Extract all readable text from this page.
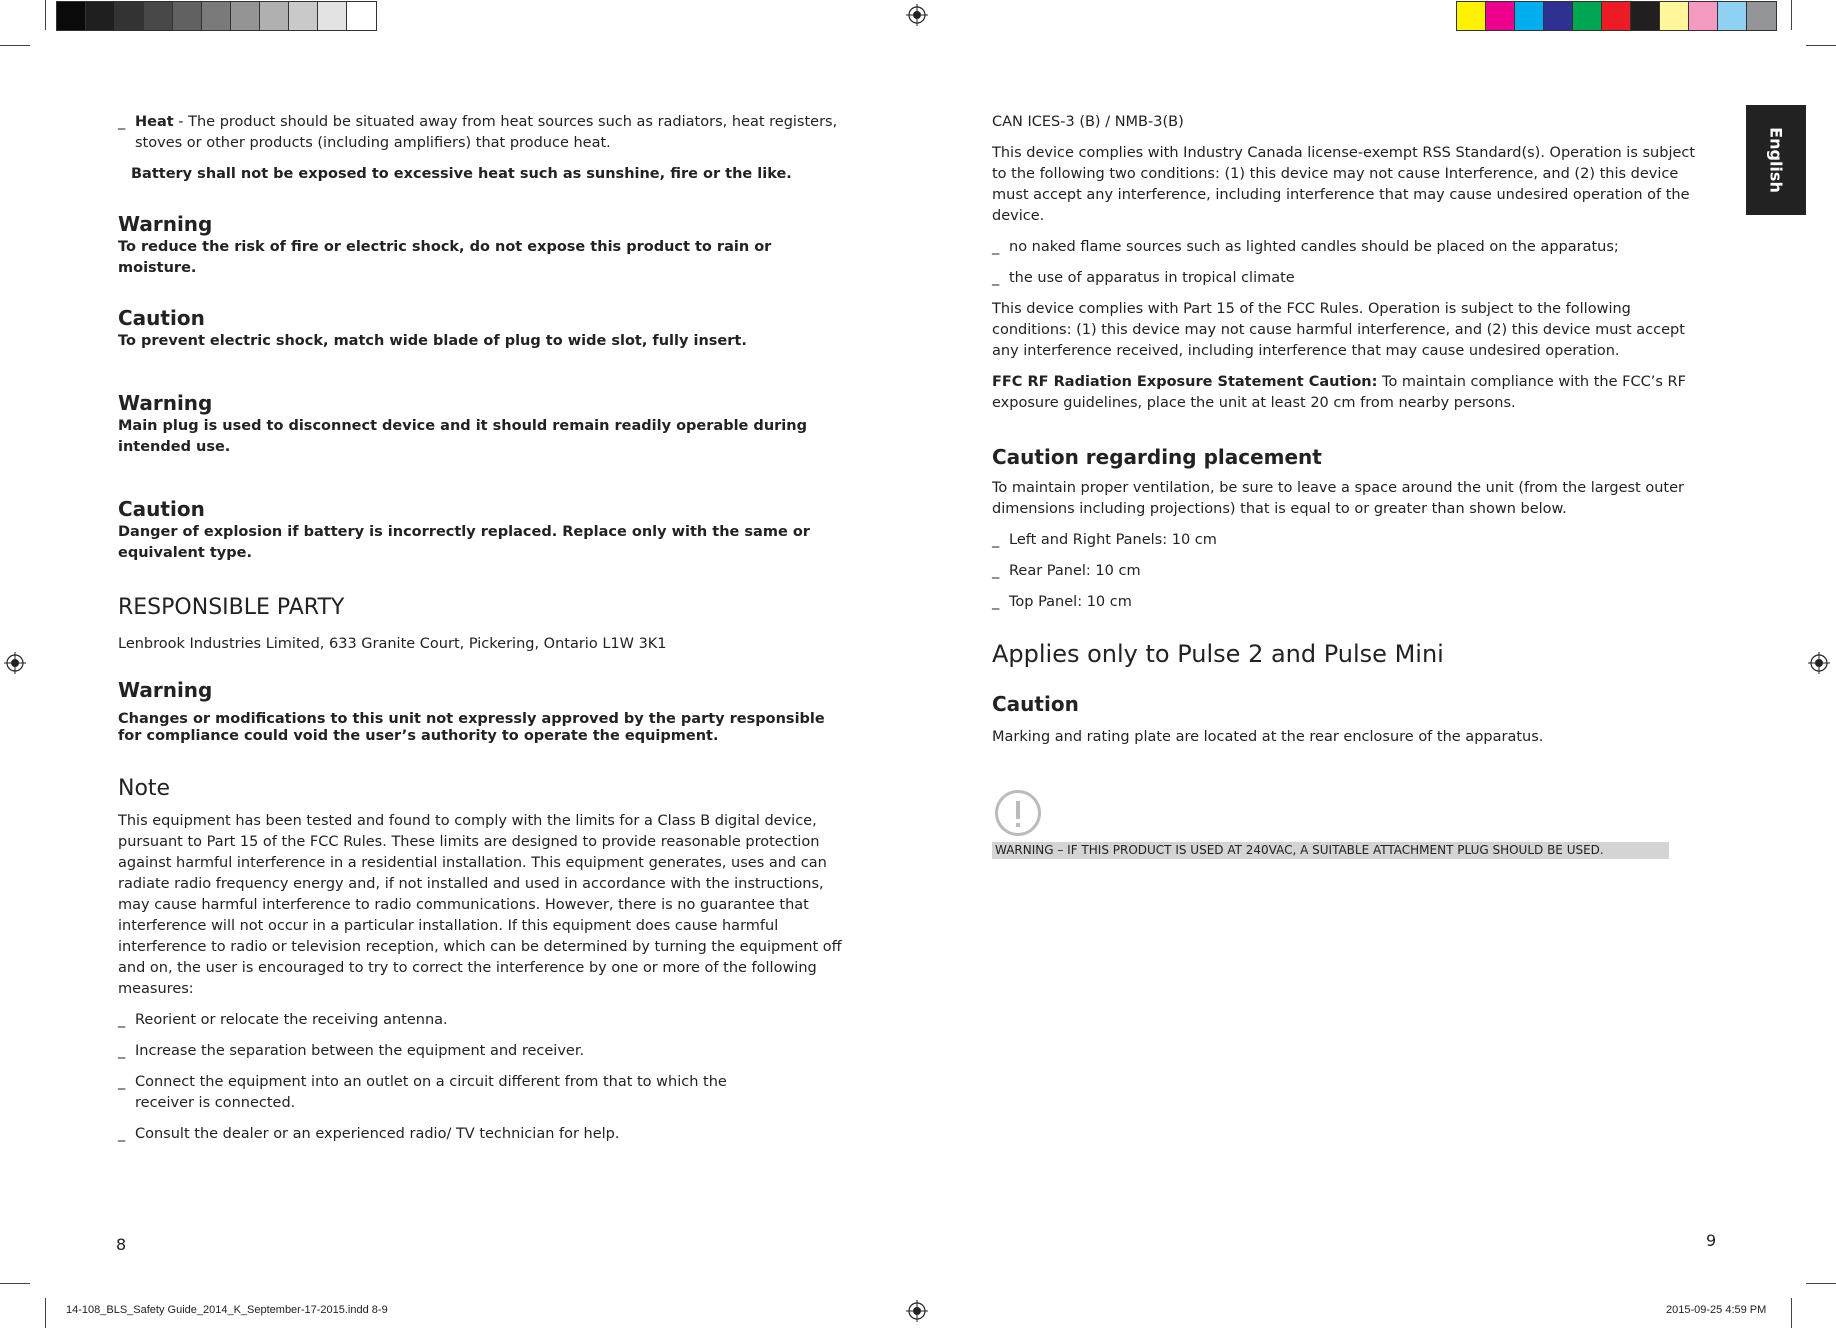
_ Heat - The product should be situated away from heat sources such as radiators, heat registers, stoves or other products (including amplifiers) that produce heat.

Battery shall not be exposed to excessive heat such as sunshine, fire or the like.

Warning

To reduce the risk of fire or electric shock, do not expose this product to rain or moisture.

Caution

To prevent electric shock, match wide blade of plug to wide slot, fully insert.

Warning

Main plug is used to disconnect device and it should remain readily operable during intended use.

Caution

Danger of explosion if battery is incorrectly replaced. Replace only with the same or equivalent type.

RESPONSIBLE PARTY

Lenbrook Industries Limited, 633 Granite Court, Pickering, Ontario L1W 3K1

Warning

Changes or modifications to this unit not expressly approved by the party responsible for compliance could void the user’s authority to operate the equipment.

Note

This equipment has been tested and found to comply with the limits for a Class B digital device, pursuant to Part 15 of the FCC Rules. These limits are designed to provide reasonable protection against harmful interference in a residential installation. This equipment generates, uses and can radiate radio frequency energy and, if not installed and used in accordance with the instructions, may cause harmful interference to radio communications. However, there is no guarantee that interference will not occur in a particular installation. If this equipment does cause harmful interference to radio or television reception, which can be determined by turning the equipment off and on, the user is encouraged to try to correct the interference by one or more of the following measures:

_ Reorient or relocate the receiving antenna.

_ Increase the separation between the equipment and receiver.

_ Connect the equipment into an outlet on a circuit different from that to which the receiver is connected.

_ Consult the dealer or an experienced radio/ TV technician for help.

8
English

CAN ICES-3 (B) / NMB-3(B)

This device complies with Industry Canada license-exempt RSS Standard(s). Operation is subject to the following two conditions: (1) this device may not cause Interference, and (2) this device must accept any interference, including interference that may cause undesired operation of the device.

_ no naked flame sources such as lighted candles should be placed on the apparatus;

_ the use of apparatus in tropical climate

This device complies with Part 15 of the FCC Rules. Operation is subject to the following conditions: (1) this device may not cause harmful interference, and (2) this device must accept any interference received, including interference that may cause undesired operation.

FFC RF Radiation Exposure Statement Caution: To maintain compliance with the FCC’s RF exposure guidelines, place the unit at least 20 cm from nearby persons.

Caution regarding placement

To maintain proper ventilation, be sure to leave a space around the unit (from the largest outer dimensions including projections) that is equal to or greater than shown below.

_ Left and Right Panels: 10 cm

_ Rear Panel: 10 cm

_ Top Panel: 10 cm

Applies only to Pulse 2 and Pulse Mini

Caution

Marking and rating plate are located at the rear enclosure of the apparatus.

WARNING – IF THIS PRODUCT IS USED AT 240VAC, A SUITABLE ATTACHMENT PLUG SHOULD BE USED.
9
14-108_BLS_Safety Guide_2014_K_September-17-2015.indd 8-9	2015-09-25 4:59 PM
